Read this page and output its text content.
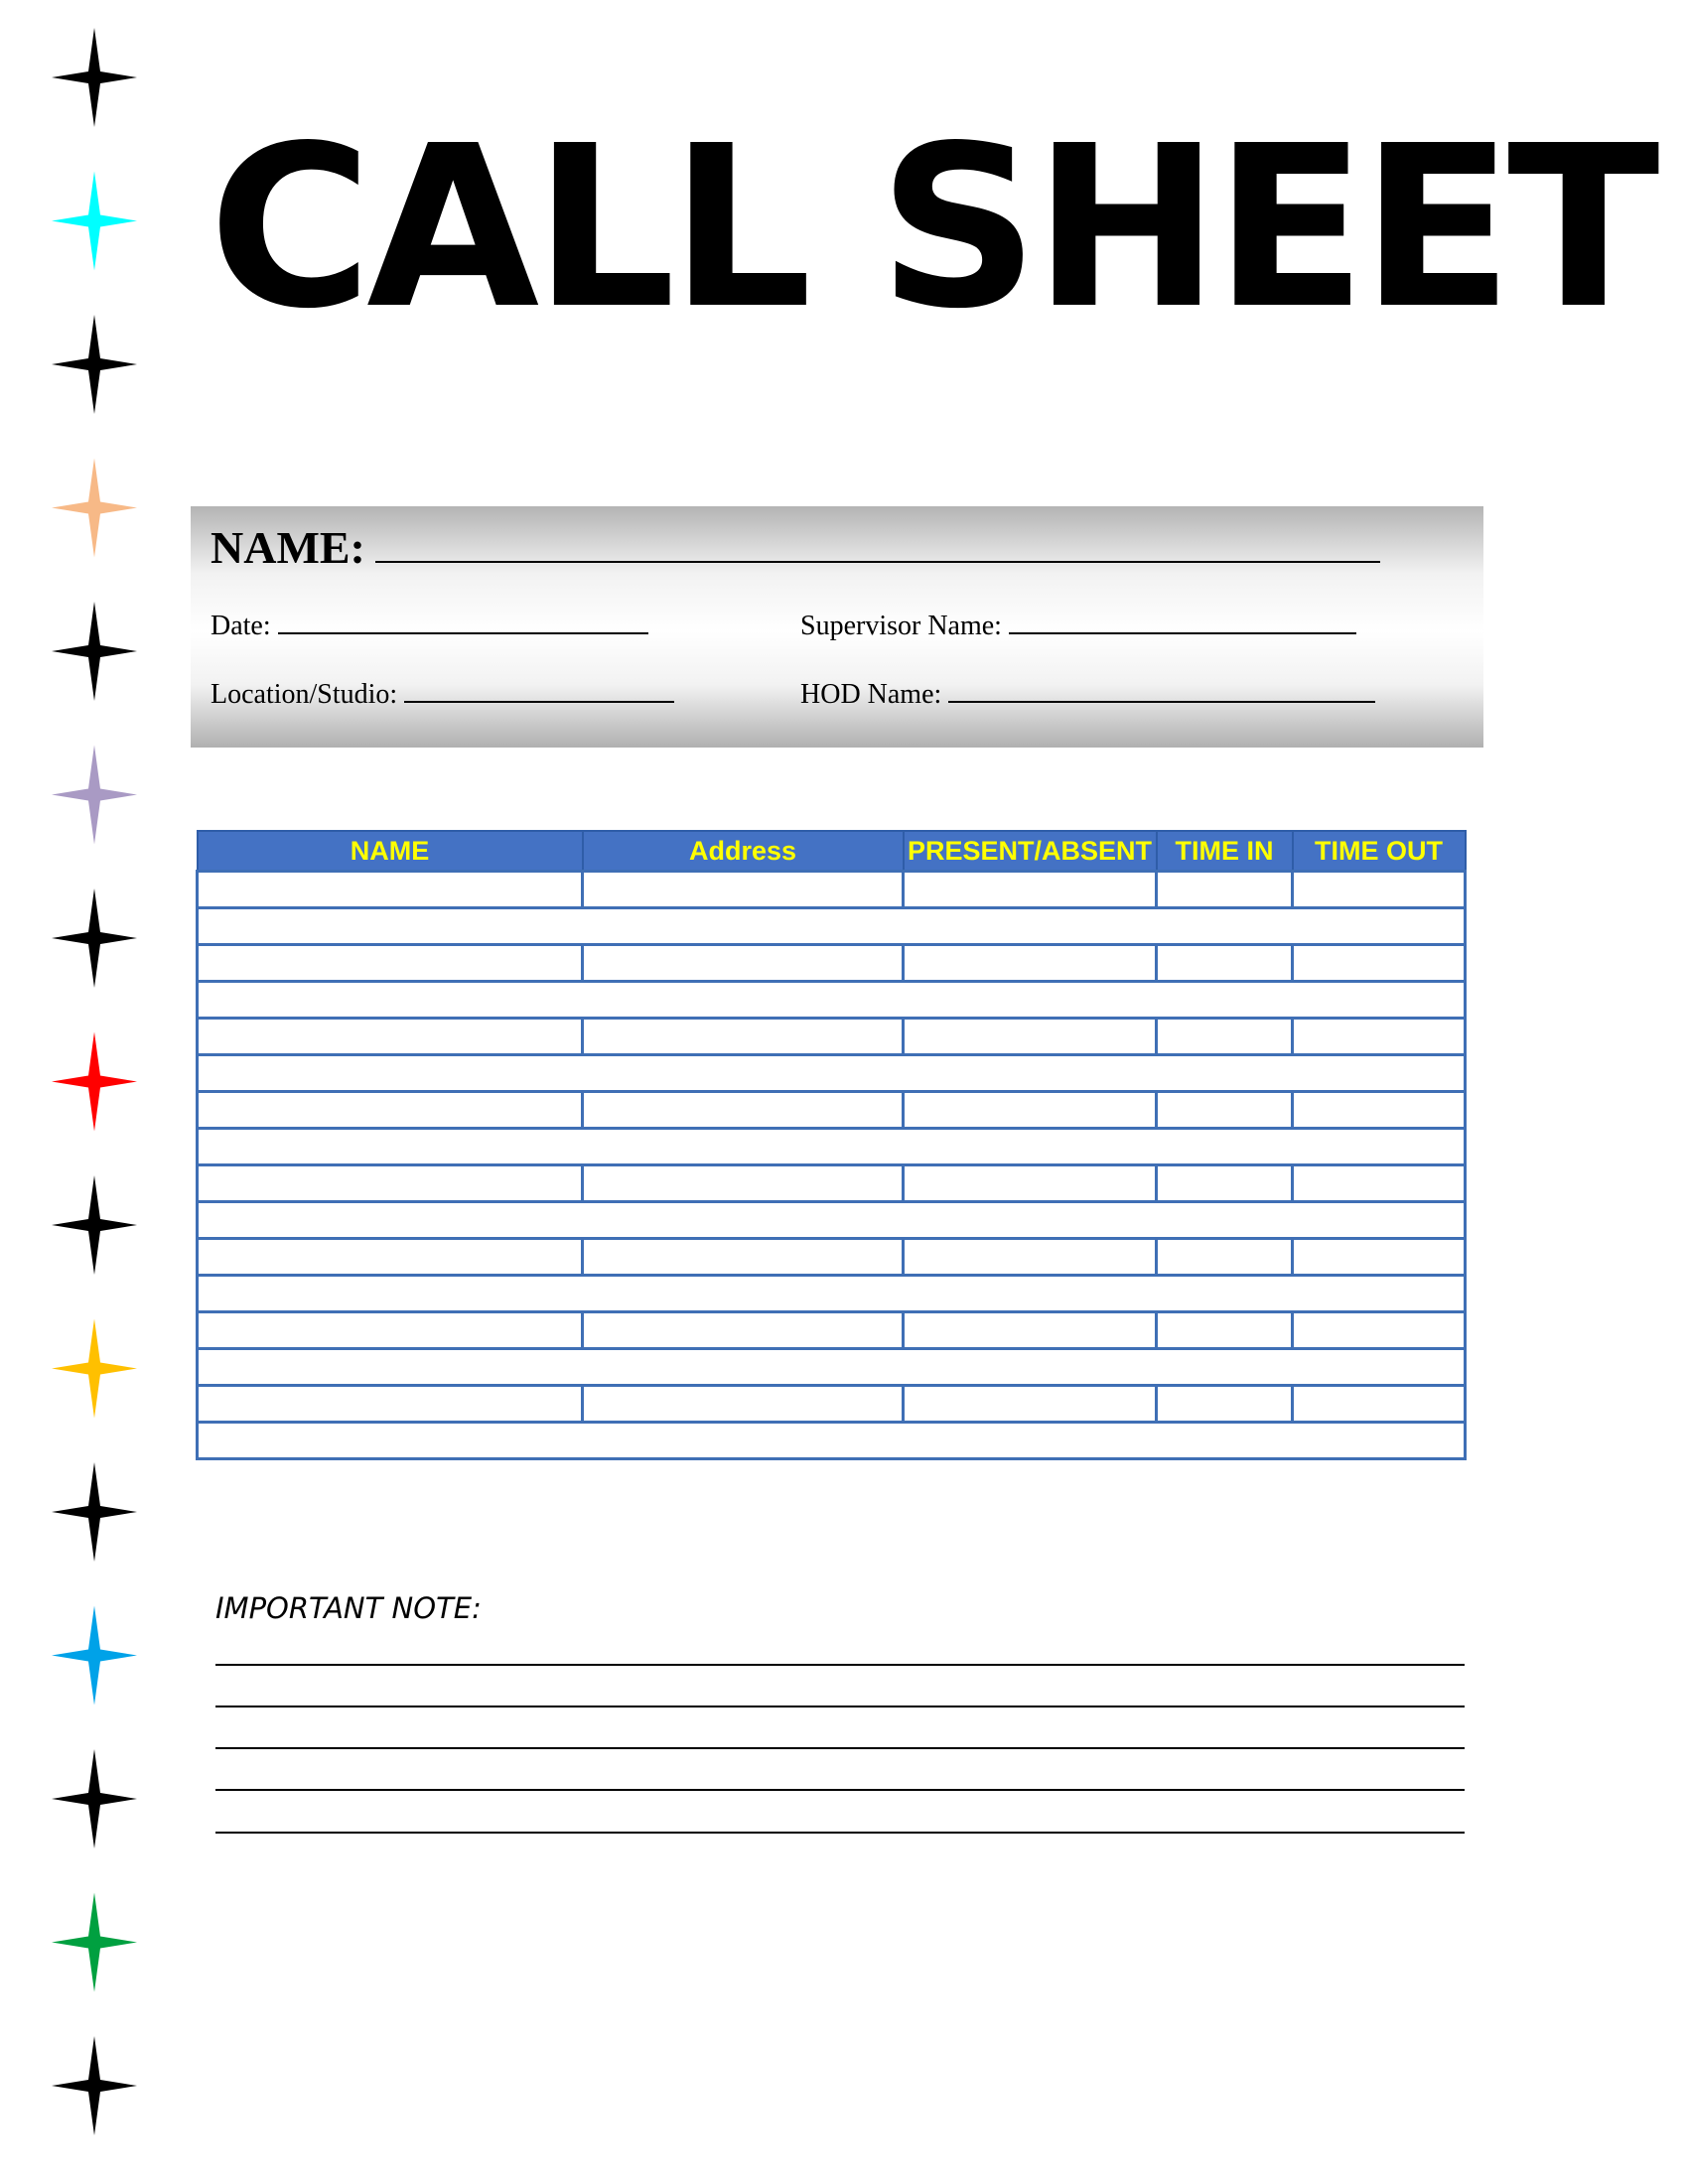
CALL SHEET
NAME:
Date:	Supervisor Name:
Location/Studio:	HOD Name:
NAME	Address	PRESENT/ABSENT	TIME IN	TIME OUT

IMPORTANT NOTE:
